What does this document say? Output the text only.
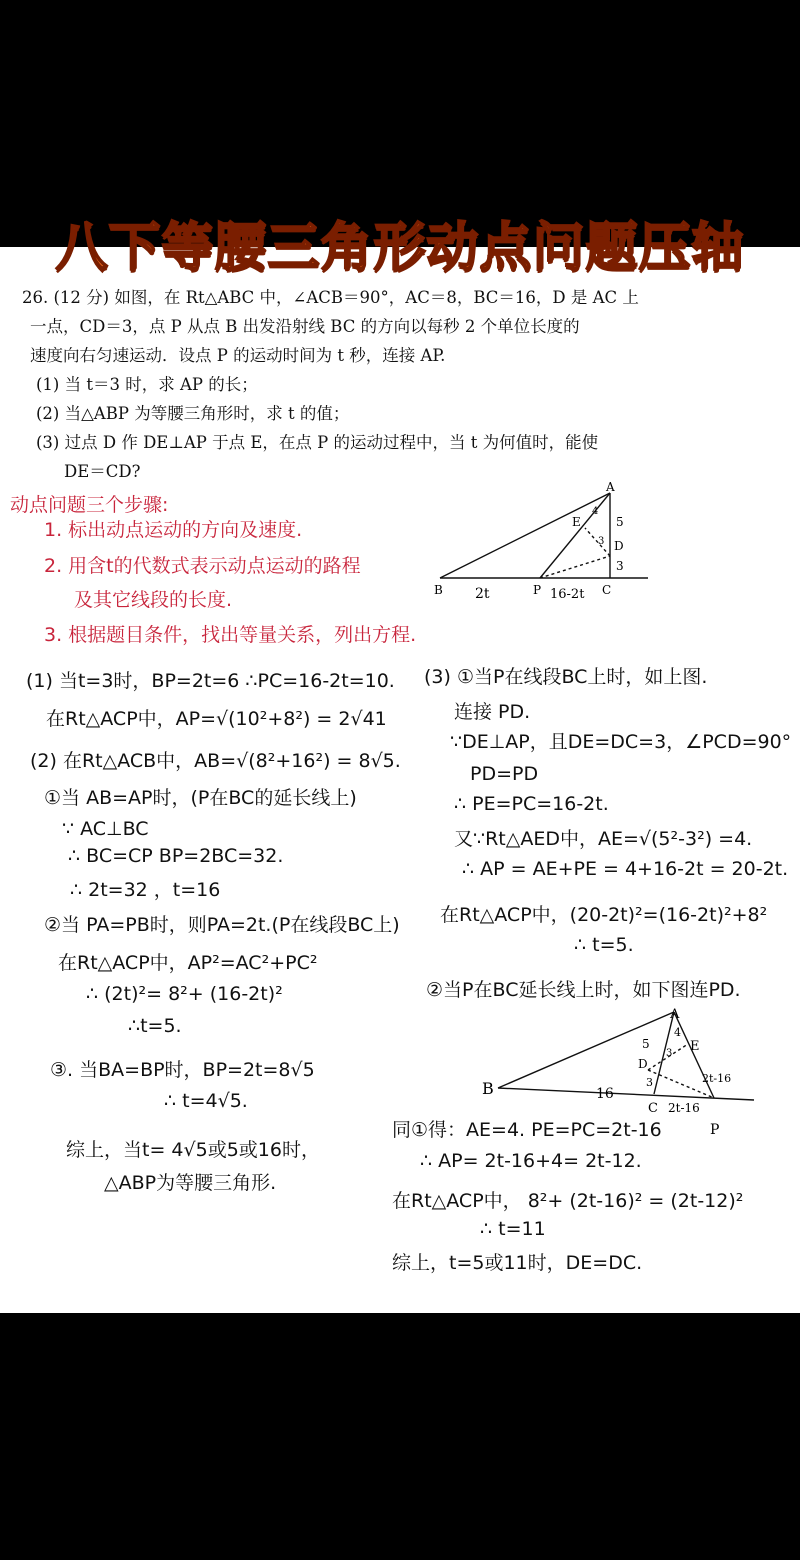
八下等腰三角形动点问题压轴
26. (12 分) 如图，在 Rt△ABC 中，∠ACB＝90°，AC＝8，BC＝16，D 是 AC 上
一点，CD＝3，点 P 从点 B 出发沿射线 BC 的方向以每秒 2 个单位长度的
速度向右匀速运动．设点 P 的运动时间为 t 秒，连接 AP.
(1) 当 t＝3 时，求 AP 的长；
(2) 当△ABP 为等腰三角形时，求 t 的值；
(3) 过点 D 作 DE⊥AP 于点 E，在点 P 的运动过程中，当 t 为何值时，能使
DE＝CD?
动点问题三个步骤:
1. 标出动点运动的方向及速度.
2. 用含t的代数式表示动点运动的路程
及其它线段的长度.
3. 根据题目条件，找出等量关系，列出方程.
A
B	C
D
E
P
2t	16-2t
5
3
4
3
(1) 当t=3时，BP=2t=6 ∴PC=16-2t=10.
在Rt△ACP中，AP=√(10²+8²) = 2√41
(2) 在Rt△ACB中，AB=√(8²+16²) = 8√5.
①当 AB=AP时，(P在BC的延长线上)
∵ AC⊥BC
∴ BC=CP BP=2BC=32.
∴ 2t=32 ，t=16
②当 PA=PB时，则PA=2t.(P在线段BC上)
在Rt△ACP中，AP²=AC²+PC²
∴ (2t)²= 8²+ (16-2t)²
∴t=5.
③. 当BA=BP时，BP=2t=8√5
∴ t=4√5.
综上，当t= 4√5或5或16时，
△ABP为等腰三角形.
(3) ①当P在线段BC上时，如上图.
连接 PD.
∵DE⊥AP，且DE=DC=3，∠PCD=90°
PD=PD
∴ PE=PC=16-2t.
又∵Rt△AED中，AE=√(5²-3²) =4.
∴ AP = AE+PE = 4+16-2t = 20-2t.
在Rt△ACP中，(20-2t)²=(16-2t)²+8²
∴ t=5.
②当P在BC延长线上时，如下图连PD.
B
A
C
D
E
P
16
2t-16
5
3
4
2t-16
3
同①得：AE=4. PE=PC=2t-16
∴ AP= 2t-16+4= 2t-12.
在Rt△ACP中， 8²+ (2t-16)² = (2t-12)²
∴ t=11
综上，t=5或11时，DE=DC.
